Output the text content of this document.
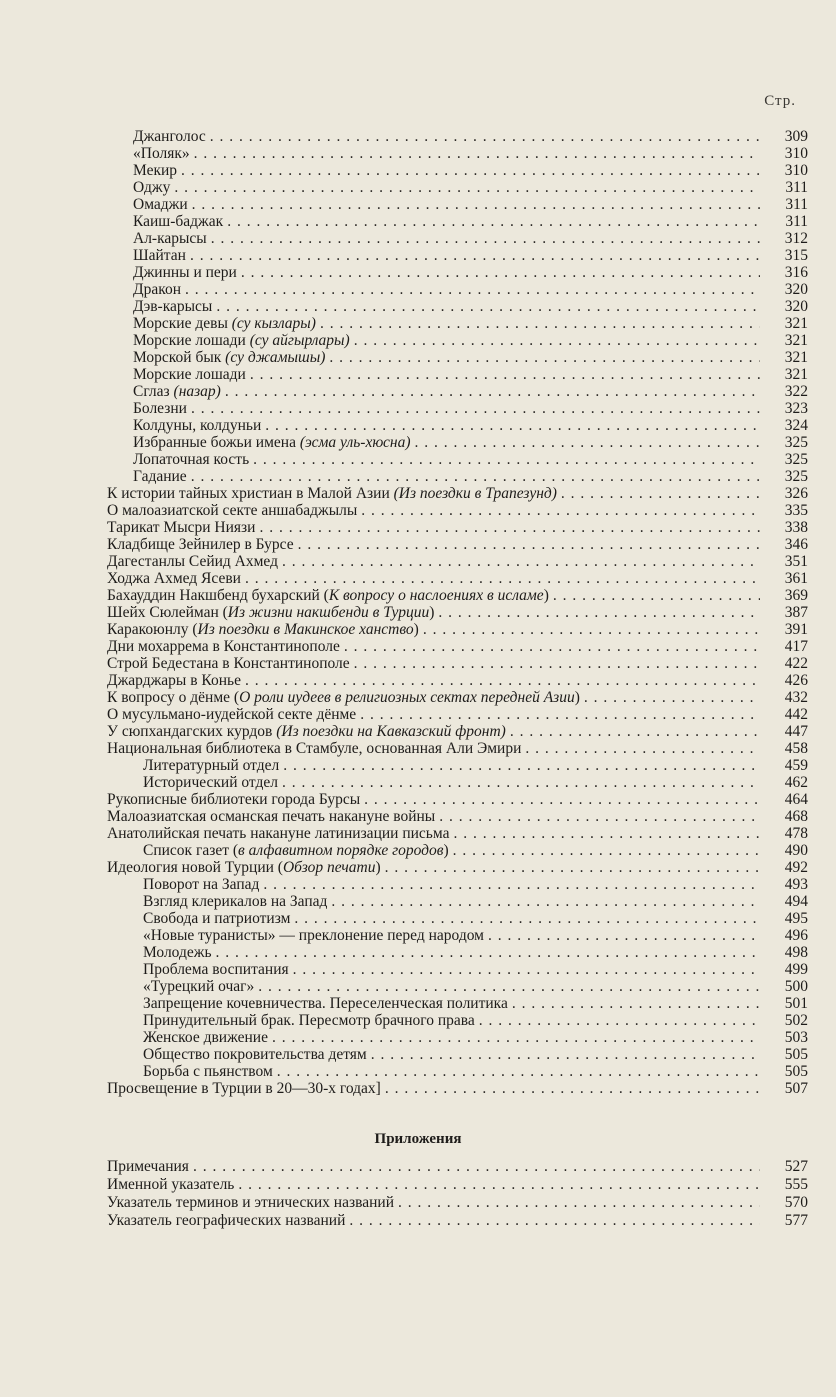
Стр.
Джанголос . . .	309
«Поляк» . . .	310
Мекир . . .	310
Оджу . . .	311
Омаджи . . .	311
Каиш-баджак . . .	311
Ал-карысы . . .	312
Шайтан . . .	315
Джинны и пери . . .	316
Дракон . . .	320
Дэв-карысы . . .	320
Морские девы (су кызлары) . . .	321
Морские лошади (су айгырлары) . . .	321
Морской бык (су джамышы) . . .	321
Морские лошади . . .	321
Сглаз (назар) . . .	322
Болезни . . .	323
Колдуны, колдуньи . . .	324
Избранные божьи имена (эсма уль-хюсна) . . .	325
Лопаточная кость . . .	325
Гадание . . .	325
К истории тайных христиан в Малой Азии (Из поездки в Трапезунд) . . .	326
О малоазиатской секте аншабаджылы . . .	335
Тарикат Мысри Ниязи . . .	338
Кладбище Зейнилер в Бурсе . . .	346
Дагестанлы Сейид Ахмед . . .	351
Ходжа Ахмед Ясеви . . .	361
Бахауддин Накшбенд бухарский (К вопросу о наслоениях в исламе) . . .	369
Шейх Сюлейман (Из жизни накшбенди в Турции) . . .	387
Каракоюнлу (Из поездки в Макинское ханство) . . .	391
Дни мохаррема в Константинополе . . .	417
Строй Бедестана в Константинополе . . .	422
Джарджары в Конье . . .	426
К вопросу о дёнме (О роли иудеев в религиозных сектах передней Азии) . . .	432
О мусульмано-иудейской секте дёнме . . .	442
У сюпхандагских курдов (Из поездки на Кавказский фронт) . . .	447
Национальная библиотека в Стамбуле, основанная Али Эмири . . .	458
Литературный отдел . . .	459
Исторический отдел . . .	462
Рукописные библиотеки города Бурсы . . .	464
Малоазиатская османская печать накануне войны . . .	468
Анатолийская печать накануне латинизации письма . . .	478
Список газет (в алфавитном порядке городов) . . .	490
Идеология новой Турции (Обзор печати) . . .	492
Поворот на Запад . . .	493
Взгляд клерикалов на Запад . . .	494
Свобода и патриотизм . . .	495
«Новые туранисты» — преклонение перед народом . . .	496
Молодежь . . .	498
Проблема воспитания . . .	499
«Турецкий очаг» . . .	500
Запрещение кочевничества. Переселенческая политика . . .	501
Принудительный брак. Пересмотр брачного права . . .	502
Женское движение . . .	503
Общество покровительства детям . . .	505
Борьба с пьянством . . .	505
Просвещение в Турции в 20—30-х годах] . . .	507
Приложения
Примечания . . .	527
Именной указатель . . .	555
Указатель терминов и этнических названий . . .	570
Указатель географических названий . . .	577
